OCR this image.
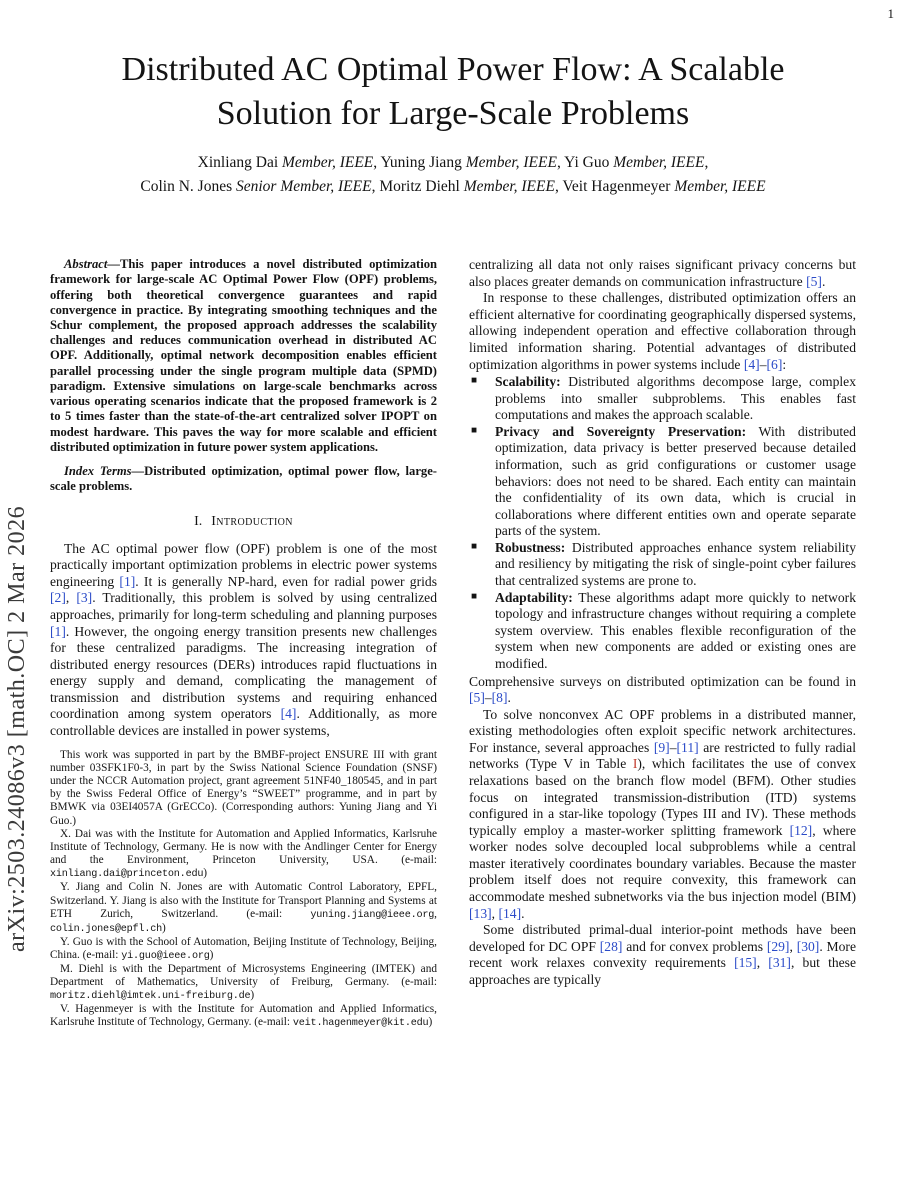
1
arXiv:2503.24086v3 [math.OC] 2 Mar 2026
Distributed AC Optimal Power Flow: A Scalable
Solution for Large-Scale Problems
Xinliang Dai Member, IEEE, Yuning Jiang Member, IEEE, Yi Guo Member, IEEE,
Colin N. Jones Senior Member, IEEE, Moritz Diehl Member, IEEE, Veit Hagenmeyer Member, IEEE

Abstract—This paper introduces a novel distributed optimization framework for large-scale AC Optimal Power Flow (OPF) problems, offering both theoretical convergence guarantees and rapid convergence in practice. By integrating smoothing techniques and the Schur complement, the proposed approach addresses the scalability challenges and reduces communication overhead in distributed AC OPF. Additionally, optimal network decomposition enables efficient parallel processing under the single program multiple data (SPMD) paradigm. Extensive simulations on large-scale benchmarks across various operating scenarios indicate that the proposed framework is 2 to 5 times faster than the state-of-the-art centralized solver IPOPT on modest hardware. This paves the way for more scalable and efficient distributed optimization in future power system applications.

Index Terms—Distributed optimization, optimal power flow, large-scale problems.

I. Introduction

The AC optimal power flow (OPF) problem is one of the most practically important optimization problems in electric power systems engineering [1]. It is generally NP-hard, even for radial power grids [2], [3]. Traditionally, this problem is solved by using centralized approaches, primarily for long-term scheduling and planning purposes [1]. However, the ongoing energy transition presents new challenges for these centralized paradigms. The increasing integration of distributed energy resources (DERs) introduces rapid fluctuations in energy supply and demand, complicating the management of transmission and distribution systems and requiring enhanced coordination among system operators [4]. Additionally, as more controllable devices are installed in power systems,

This work was supported in part by the BMBF-project ENSURE III with grant number 03SFK1F0-3, in part by the Swiss National Science Foundation (SNSF) under the NCCR Automation project, grant agreement 51NF40_180545, and in part by the Swiss Federal Office of Energy’s “SWEET” programme, and in part by BMWK via 03EI4057A (GrECCo). (Corresponding authors: Yuning Jiang and Yi Guo.)

X. Dai was with the Institute for Automation and Applied Informatics, Karlsruhe Institute of Technology, Germany. He is now with the Andlinger Center for Energy and the Environment, Princeton University, USA. (e-mail: xinliang.dai@princeton.edu)

Y. Jiang and Colin N. Jones are with Automatic Control Laboratory, EPFL, Switzerland. Y. Jiang is also with the Institute for Transport Planning and Systems at ETH Zurich, Switzerland. (e-mail: yuning.jiang@ieee.org, colin.jones@epfl.ch)

Y. Guo is with the School of Automation, Beijing Institute of Technology, Beijing, China. (e-mail: yi.guo@ieee.org)

M. Diehl is with the Department of Microsystems Engineering (IMTEK) and Department of Mathematics, University of Freiburg, Germany. (e-mail: moritz.diehl@imtek.uni-freiburg.de)

V. Hagenmeyer is with the Institute for Automation and Applied Informatics, Karlsruhe Institute of Technology, Germany. (e-mail: veit.hagenmeyer@kit.edu)

centralizing all data not only raises significant privacy concerns but also places greater demands on communication infrastructure [5].

In response to these challenges, distributed optimization offers an efficient alternative for coordinating geographically dispersed systems, allowing independent operation and effective collaboration through limited information sharing. Potential advantages of distributed optimization algorithms in power systems include [4]–[6]:

■ Scalability: Distributed algorithms decompose large, complex problems into smaller subproblems. This enables fast computations and makes the approach scalable.
■ Privacy and Sovereignty Preservation: With distributed optimization, data privacy is better preserved because detailed information, such as grid configurations or customer usage behaviors: does not need to be shared. Each entity can maintain the confidentiality of its own data, which is crucial in collaborations where different entities own and operate separate parts of the system.
■ Robustness: Distributed approaches enhance system reliability and resiliency by mitigating the risk of single-point cyber failures that centralized systems are prone to.
■ Adaptability: These algorithms adapt more quickly to network topology and infrastructure changes without requiring a complete system overview. This enables flexible reconfiguration of the system when new components are added or existing ones are modified.

Comprehensive surveys on distributed optimization can be found in [5]–[8].

To solve nonconvex AC OPF problems in a distributed manner, existing methodologies often exploit specific network architectures. For instance, several approaches [9]–[11] are restricted to fully radial networks (Type V in Table I), which facilitates the use of convex relaxations based on the branch flow model (BFM). Other studies focus on integrated transmission-distribution (ITD) systems configured in a star-like topology (Types III and IV). These methods typically employ a master-worker splitting framework [12], where worker nodes solve decoupled local subproblems while a central master iteratively coordinates boundary variables. Because the master problem itself does not require convexity, this framework can accommodate meshed subnetworks via the bus injection model (BIM) [13], [14].

Some distributed primal-dual interior-point methods have been developed for DC OPF [28] and for convex problems [29], [30]. More recent work relaxes convexity requirements [15], [31], but these approaches are typically
